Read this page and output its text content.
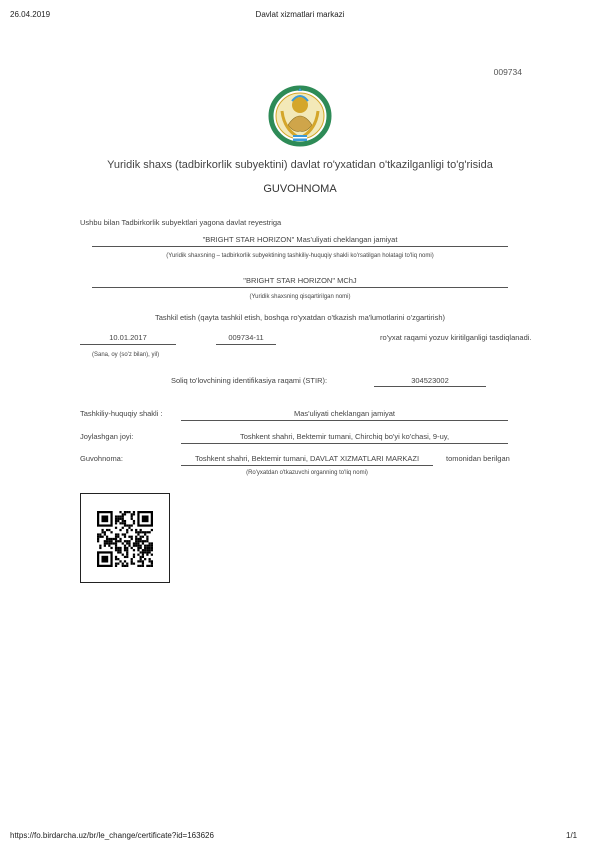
26.04.2019	Davlat xizmatlari markazi
009734
Yuridik shaxs (tadbirkorlik subyektini) davlat ro'yxatidan o'tkazilganligi to'g'risida
GUVOHNOMA
Ushbu bilan Tadbirkorlik subyektlari yagona davlat reyestriga
"BRIGHT STAR HORIZON" Mas'uliyati cheklangan jamiyat
(Yuridik shaxsning – tadbirkorlik subyektining tashkiliy-huquqiy shakli ko'rsatilgan holatagi to'liq nomi)
"BRIGHT STAR HORIZON" MChJ
(Yuridik shaxsning qisqartirilgan nomi)
Tashkil etish (qayta tashkil etish, boshqa ro'yxatdan o'tkazish ma'lumotlarini o'zgartirish)
10.01.2017	009734-11	ro'yxat raqami yozuv kiritilganligi tasdiqlanadi.
(Sana, oy (so'z bilan), yil)
Soliq to'lovchining identifikasiya raqami (STIR):	304523002
Tashkiliy-huquqiy shakli :	Mas'uliyati cheklangan jamiyat
Joylashgan joyi:	Toshkent shahri, Bektemir tumani, Chirchiq bo'yi ko'chasi, 9-uy,
Guvohnoma:	Toshkent shahri, Bektemir tumani, DAVLAT XIZMATLARI MARKAZI	tomonidan berilgan
(Ro'yxatdan o'tkazuvchi organning to'liq nomi)
https://fo.birdarcha.uz/br/le_change/certificate?id=163626	1/1
